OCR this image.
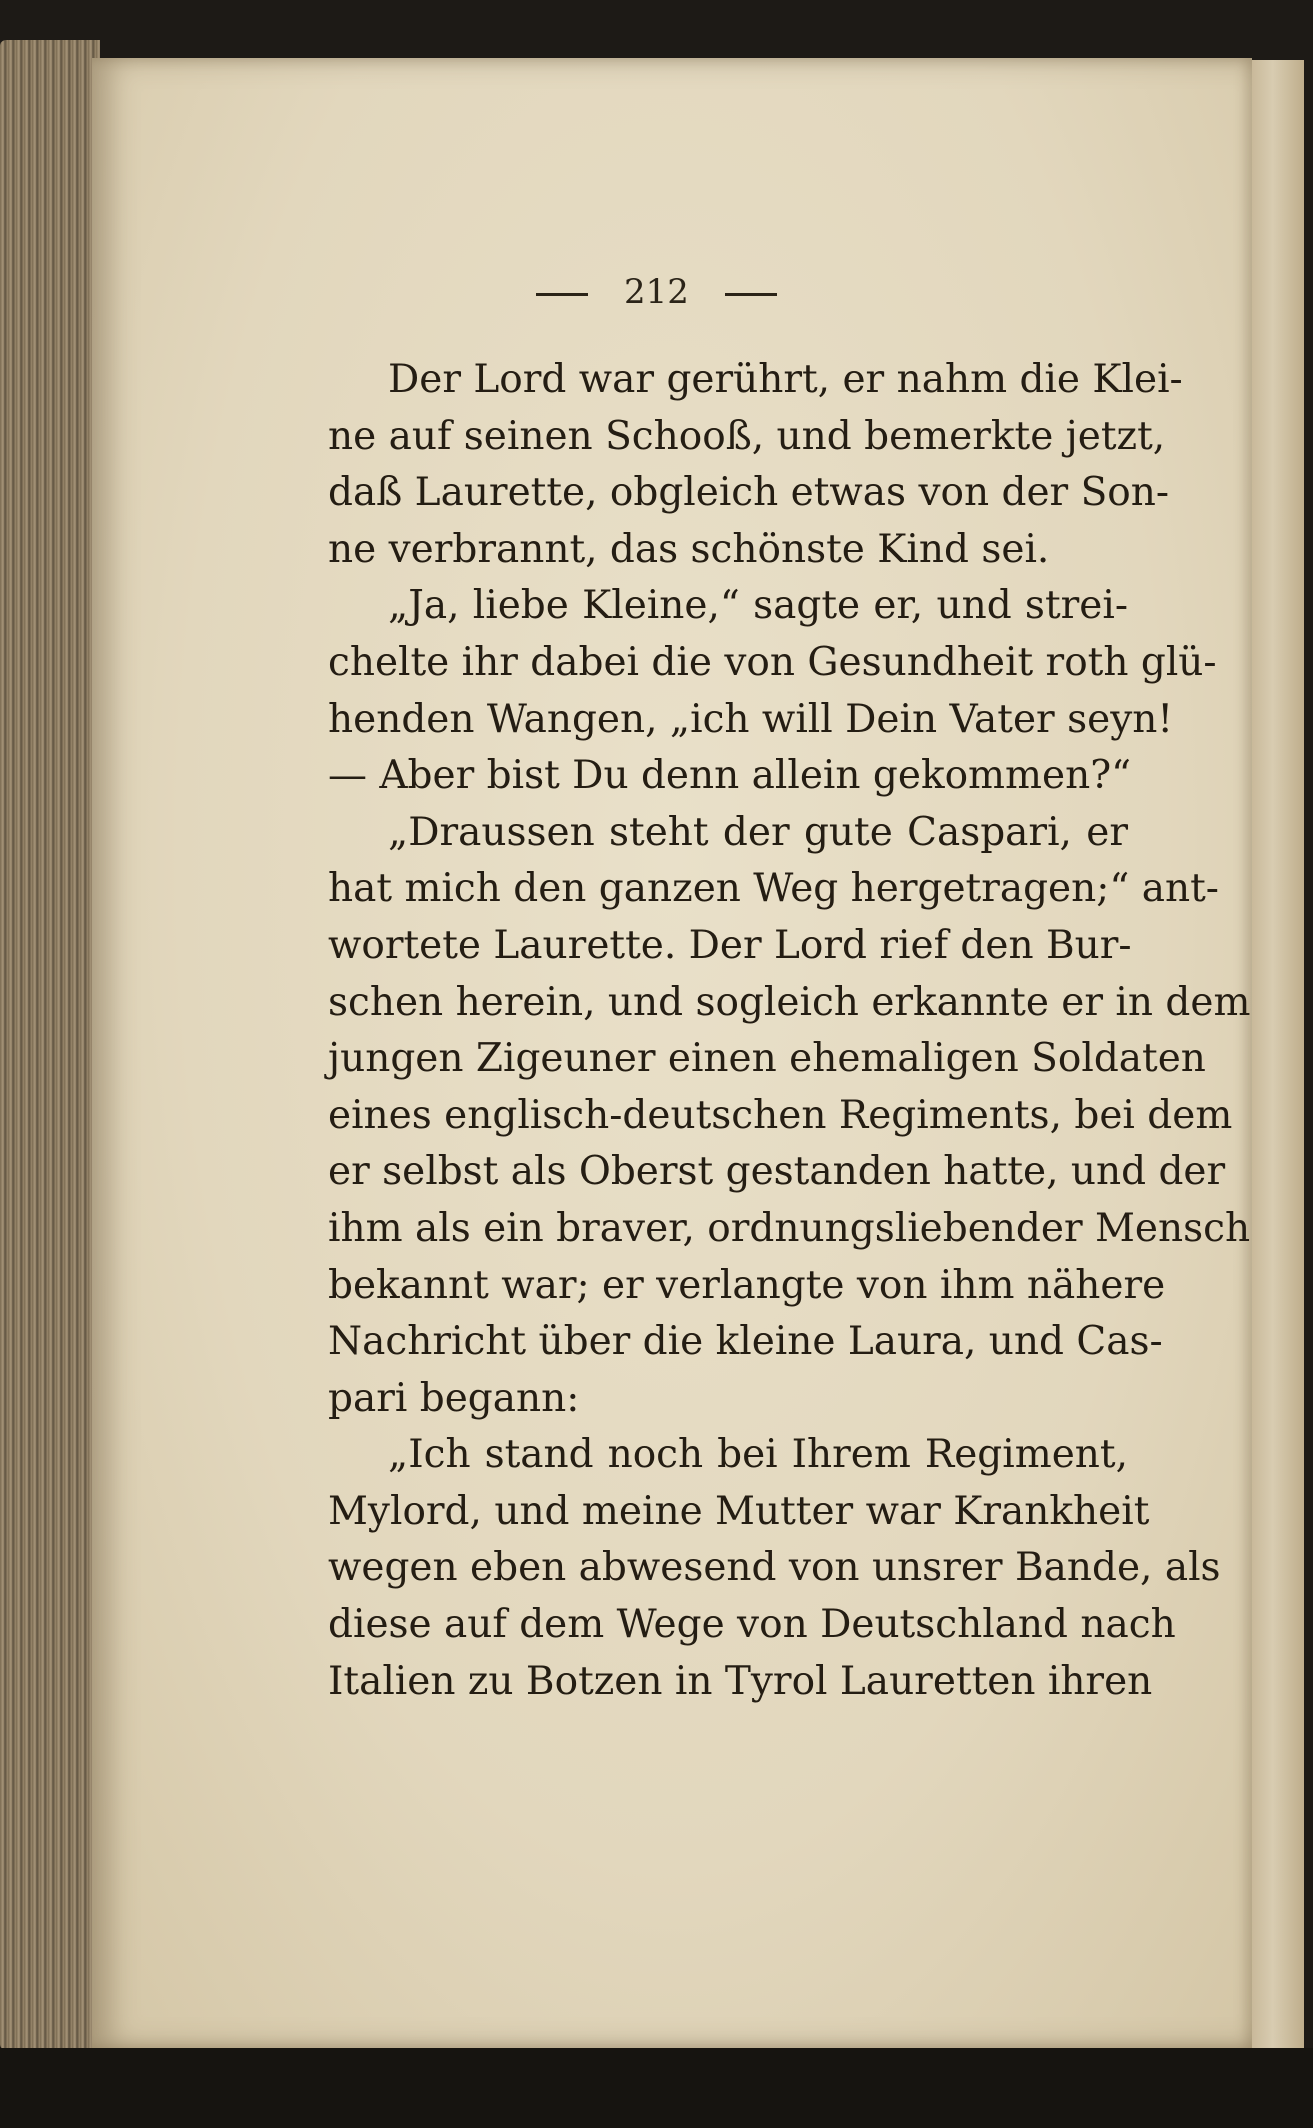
212
Der Lord war gerührt, er nahm die Klei-
ne auf seinen Schooß, und bemerkte jetzt,
daß Laurette, obgleich etwas von der Son-
ne verbrannt, das schönste Kind sei.
„Ja, liebe Kleine,“ sagte er, und strei-
chelte ihr dabei die von Gesundheit roth glü-
henden Wangen, „ich will Dein Vater seyn!
— Aber bist Du denn allein gekommen?“
„Draussen steht der gute Caspari, er
hat mich den ganzen Weg hergetragen;“ ant-
wortete Laurette. Der Lord rief den Bur-
schen herein, und sogleich erkannte er in dem
jungen Zigeuner einen ehemaligen Soldaten
eines englisch-deutschen Regiments, bei dem
er selbst als Oberst gestanden hatte, und der
ihm als ein braver, ordnungsliebender Mensch
bekannt war; er verlangte von ihm nähere
Nachricht über die kleine Laura, und Cas-
pari begann:
„Ich stand noch bei Ihrem Regiment,
Mylord, und meine Mutter war Krankheit
wegen eben abwesend von unsrer Bande, als
diese auf dem Wege von Deutschland nach
Italien zu Botzen in Tyrol Lauretten ihren
